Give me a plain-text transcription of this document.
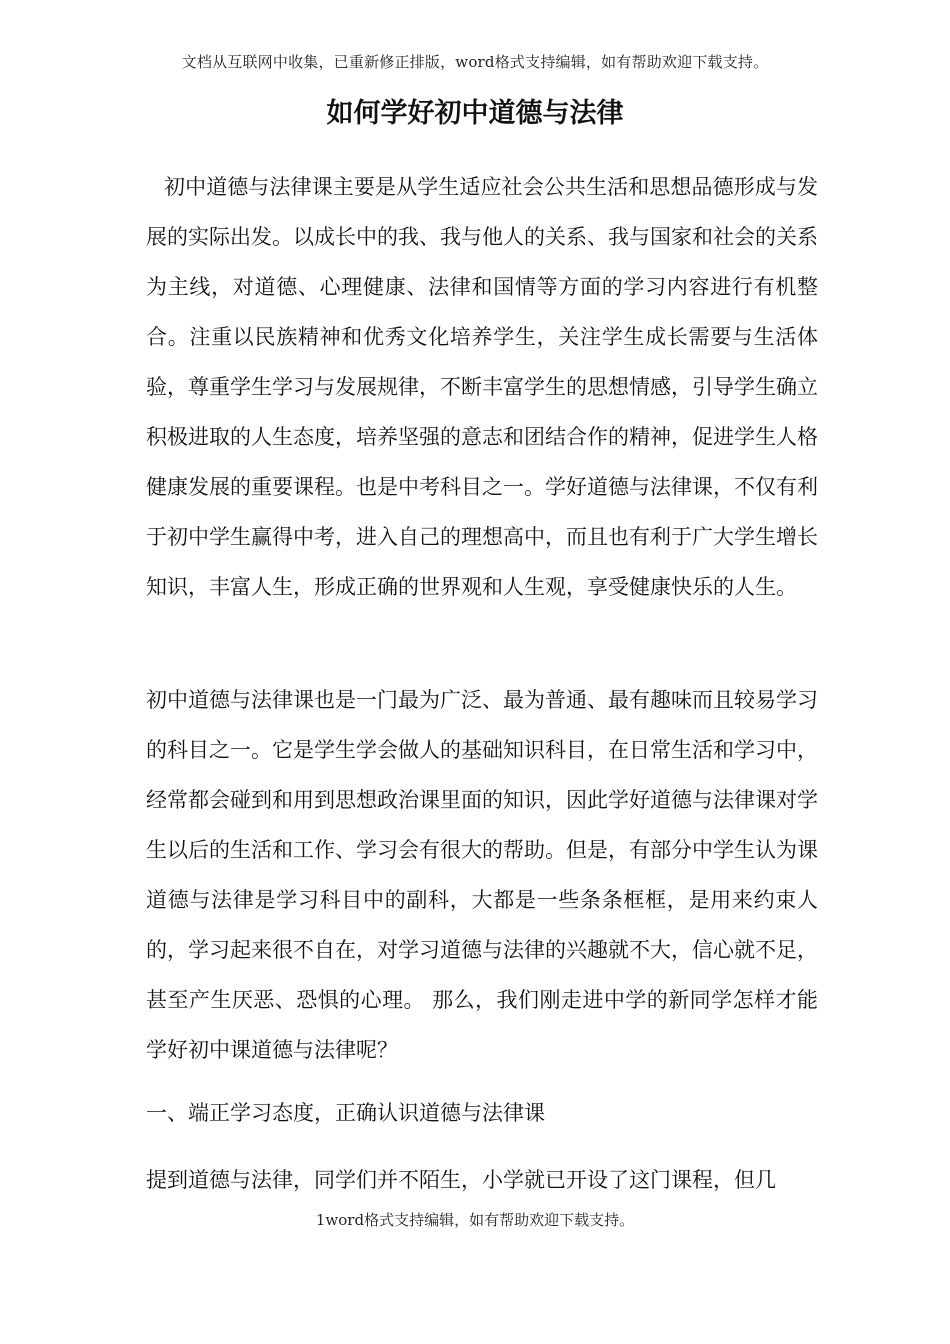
文档从互联网中收集，已重新修正排版，word格式支持编辑，如有帮助欢迎下载支持。
如何学好初中道德与法律

初中道德与法律课主要是从学生适应社会公共生活和思想品德形成与发展的实际出发。以成长中的我、我与他人的关系、我与国家和社会的关系为主线，对道德、心理健康、法律和国情等方面的学习内容进行有机整合。注重以民族精神和优秀文化培养学生，关注学生成长需要与生活体验，尊重学生学习与发展规律，不断丰富学生的思想情感，引导学生确立积极进取的人生态度，培养坚强的意志和团结合作的精神，促进学生人格健康发展的重要课程。也是中考科目之一。学好道德与法律课，不仅有利于初中学生赢得中考，进入自己的理想高中，而且也有利于广大学生增长知识，丰富人生，形成正确的世界观和人生观，享受健康快乐的人生。

初中道德与法律课也是一门最为广泛、最为普通、最有趣味而且较易学习的科目之一。它是学生学会做人的基础知识科目，在日常生活和学习中，经常都会碰到和用到思想政治课里面的知识，因此学好道德与法律课对学生以后的生活和工作、学习会有很大的帮助。但是，有部分中学生认为课道德与法律是学习科目中的副科，大都是一些条条框框，是用来约束人的，学习起来很不自在，对学习道德与法律的兴趣就不大，信心就不足，甚至产生厌恶、恐惧的心理。 那么，我们刚走进中学的新同学怎样才能学好初中课道德与法律呢？

一、端正学习态度，正确认识道德与法律课

提到道德与法律，同学们并不陌生，小学就已开设了这门课程，但几

1word格式支持编辑，如有帮助欢迎下载支持。
